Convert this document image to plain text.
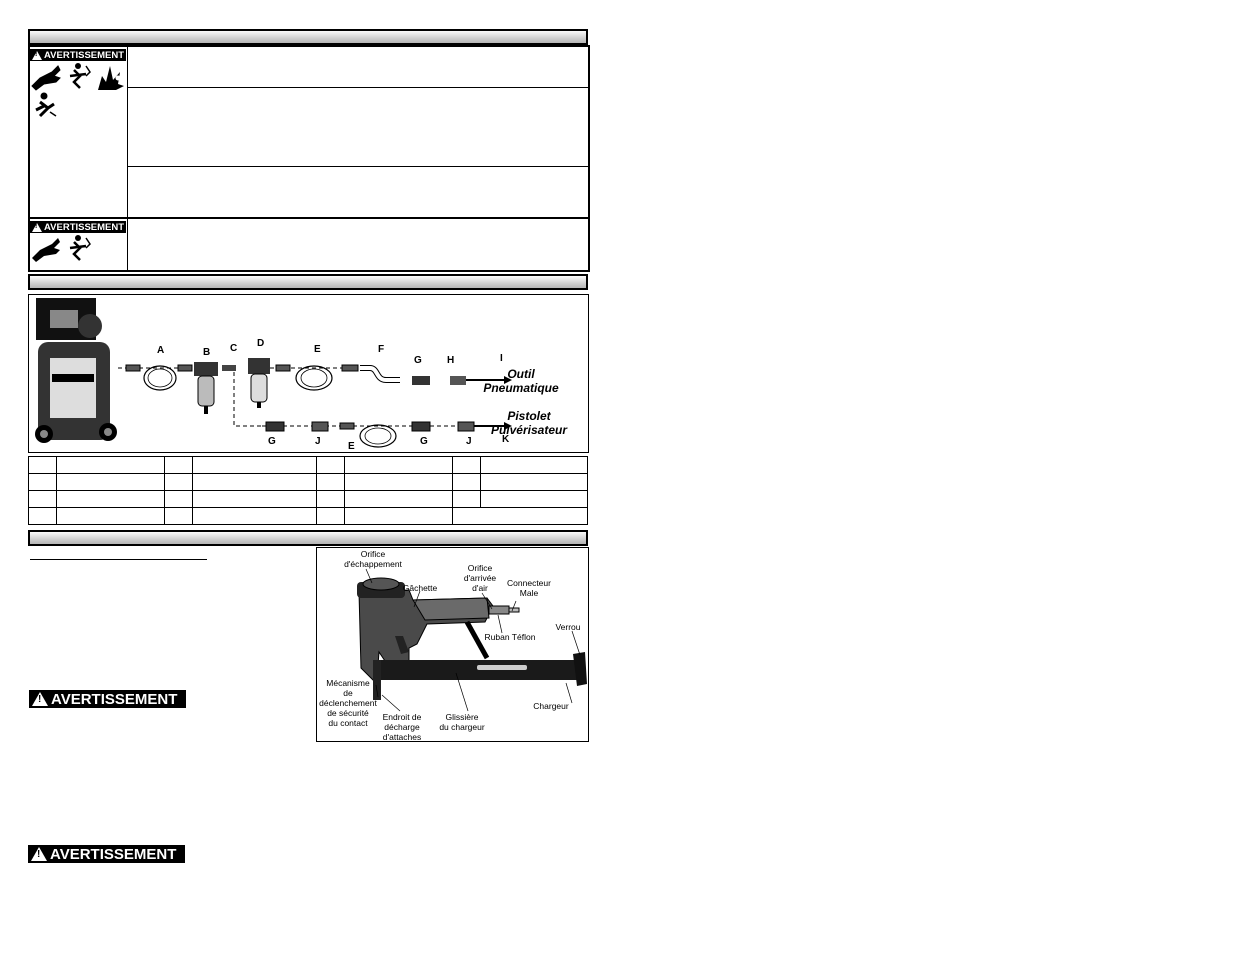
!
AVERTISSEMENT
!
AVERTISSEMENT
A	B C D
E	F
G	H	I
Outil
Pneumatique
Pistolet
Pulvérisateur
G	J	E	G	J	K

!
AVERTISSEMENT
!
AVERTISSEMENT
Orifice
d'échappement
Gâchette
Orifice
d'arrivée
d'air	Connecteur
Male
Ruban Téflon
Verrou
Mécanisme
de
déclenchement
de sécurité
du contact
Endroit de
décharge
d'attaches
Glissière
du chargeur
Chargeur
